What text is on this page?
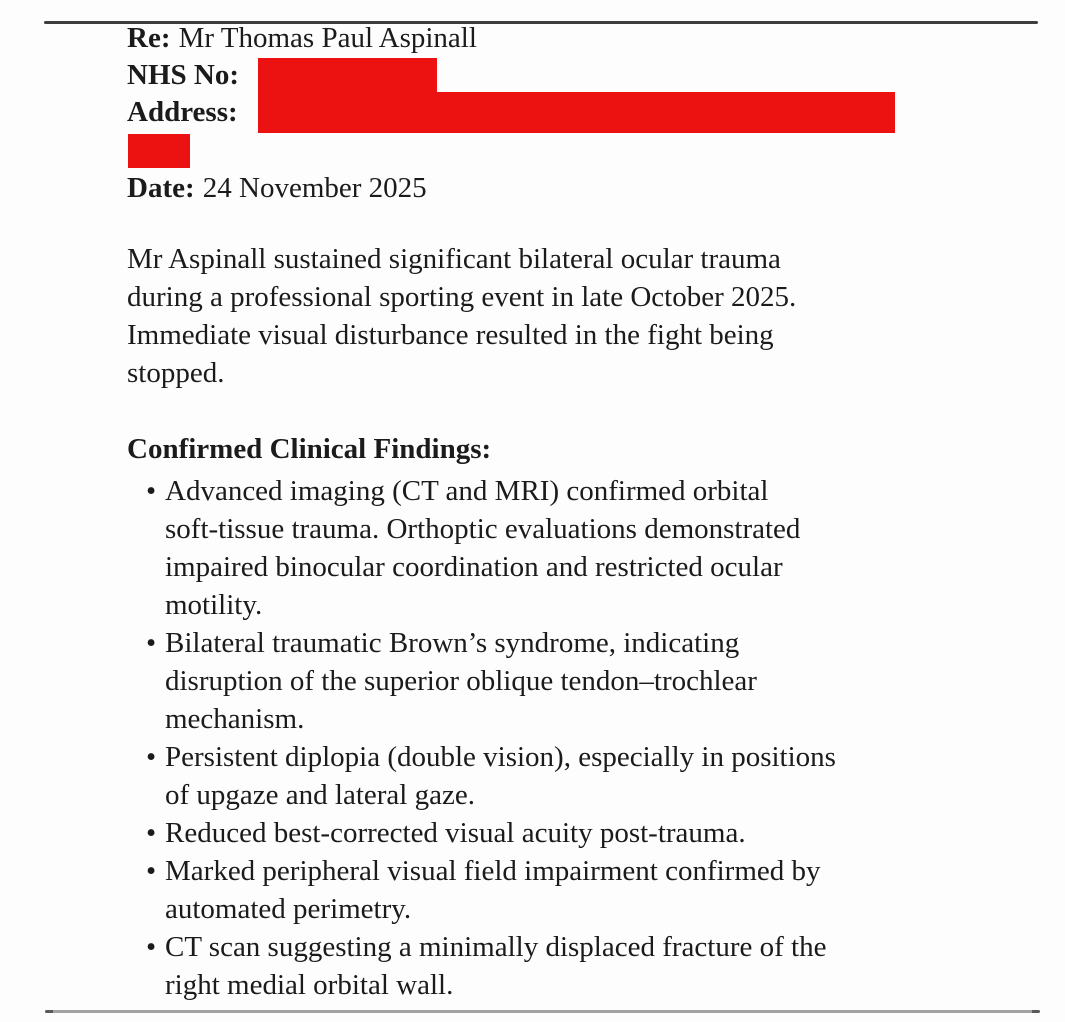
Re: Mr Thomas Paul Aspinall
NHS No:
Address:
Date: 24 November 2025
Mr Aspinall sustained significant bilateral ocular trauma
during a professional sporting event in late October 2025.
Immediate visual disturbance resulted in the fight being
stopped.
Confirmed Clinical Findings:
• Advanced imaging (CT and MRI) confirmed orbital
soft-tissue trauma. Orthoptic evaluations demonstrated
impaired binocular coordination and restricted ocular
motility.
• Bilateral traumatic Brown’s syndrome, indicating
disruption of the superior oblique tendon–trochlear
mechanism.
• Persistent diplopia (double vision), especially in positions
of upgaze and lateral gaze.
• Reduced best-corrected visual acuity post-trauma.
• Marked peripheral visual field impairment confirmed by
automated perimetry.
• CT scan suggesting a minimally displaced fracture of the
right medial orbital wall.
